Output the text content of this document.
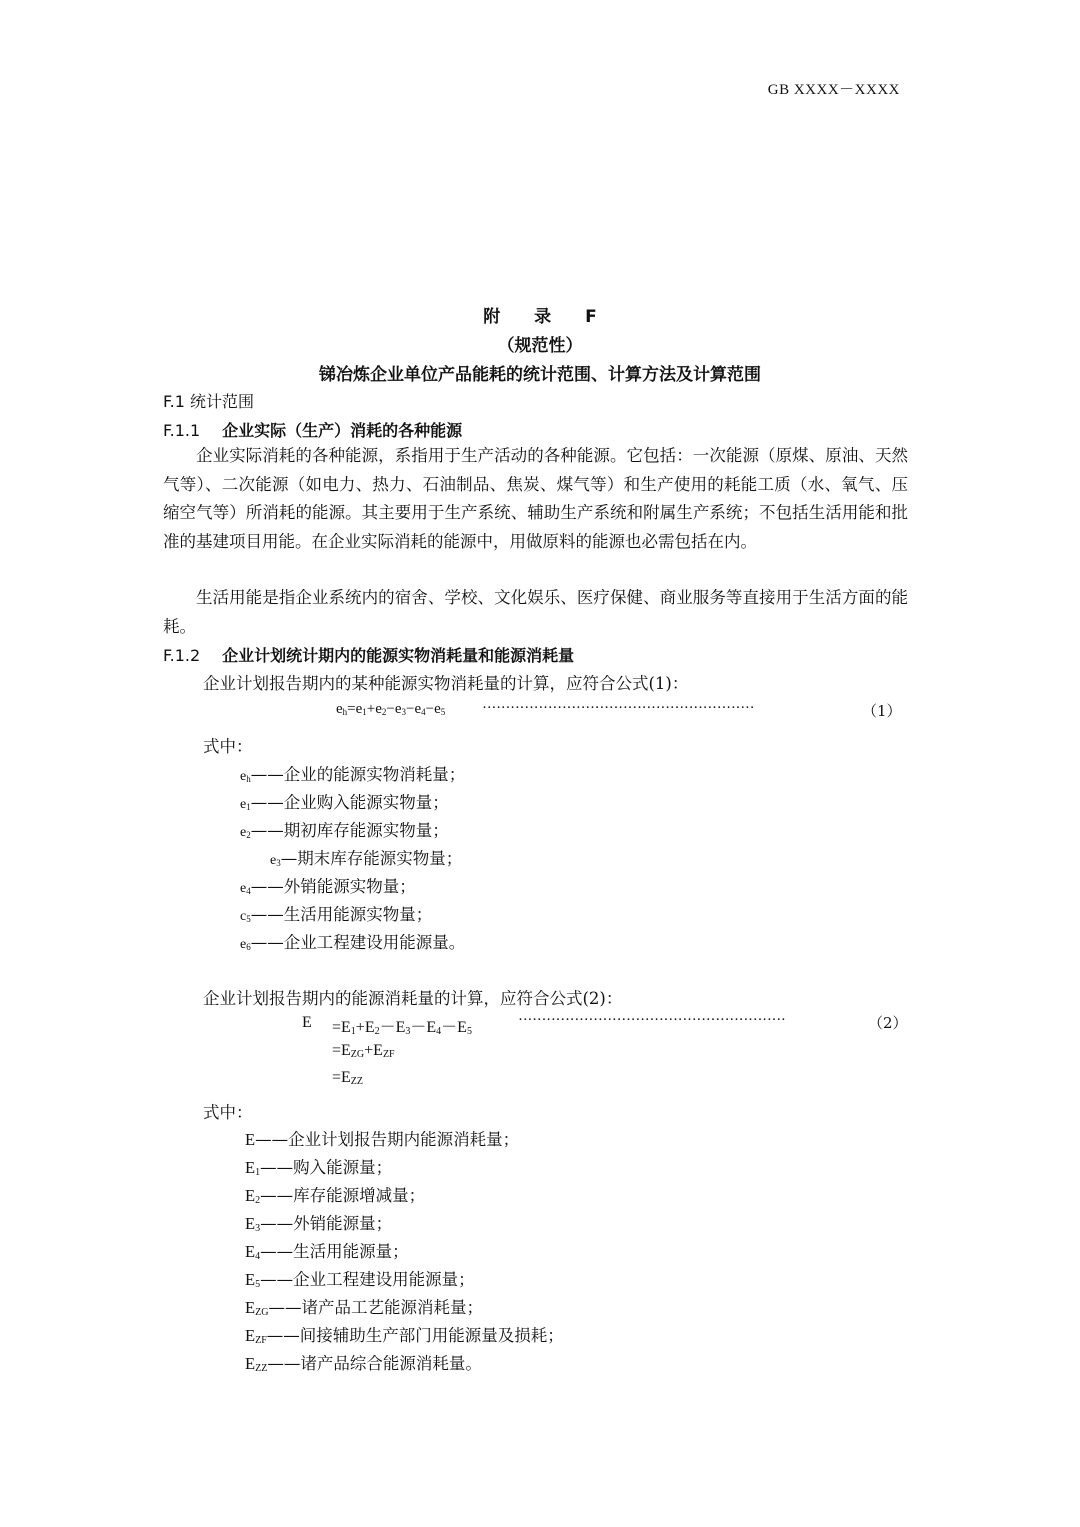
GB XXXX－XXXX
附 录 F
（规范性）
锑冶炼企业单位产品能耗的统计范围、计算方法及计算范围
F.1 统计范围
F.1.1 企业实际（生产）消耗的各种能源
企业实际消耗的各种能源，系指用于生产活动的各种能源。它包括：一次能源（原煤、原油、天然气等）、二次能源（如电力、热力、石油制品、焦炭、煤气等）和生产使用的耗能工质（水、氧气、压缩空气等）所消耗的能源。其主要用于生产系统、辅助生产系统和附属生产系统；不包括生活用能和批准的基建项目用能。在企业实际消耗的能源中，用做原料的能源也必需包括在内。
生活用能是指企业系统内的宿舍、学校、文化娱乐、医疗保健、商业服务等直接用于生活方面的能耗。
F.1.2 企业计划统计期内的能源实物消耗量和能源消耗量
企业计划报告期内的某种能源实物消耗量的计算，应符合公式(1)：
$e_h=e_1+e_2-e_3-e_4-e_5$ ··························································	（1）
式中：
$e_h——$企业的能源实物消耗量；
$e_1——$企业购入能源实物量；
$e_2——$期初库存能源实物量；
$e_3—$期末库存能源实物量；
$e_4——$外销能源实物量；
$c_5——$生活用能源实物量；
$e_6——$企业工程建设用能源量。
企业计划报告期内的能源消耗量的计算，应符合公式(2)：
$E =E_1+E_2-E_3-E_4-E_5$
·························································	（2）
$=E_{ZG}+E_{ZF}$
$=E_{ZZ}$
式中：
E——企业计划报告期内能源消耗量；
$E_1——$购入能源量；
$E_2——$库存能源增减量；
$E_3——$外销能源量；
$E_4——$生活用能源量；
$E_5——$企业工程建设用能源量；
$E_{ZG}——$诸产品工艺能源消耗量；
$E_{ZF}——$间接辅助生产部门用能源量及损耗；
$E_{ZZ}——$诸产品综合能源消耗量。
